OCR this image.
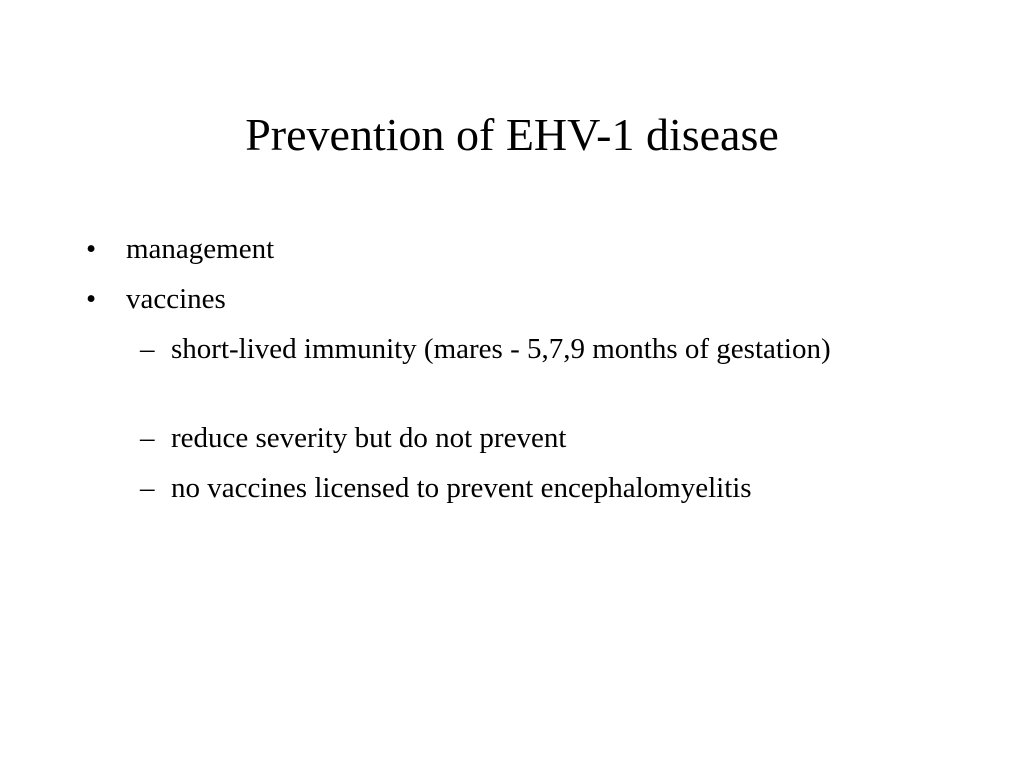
Prevention of EHV-1 disease
•	management
•	vaccines
– short-lived immunity (mares - 5,7,9 months of gestation)
– reduce severity but do not prevent
– no vaccines licensed to prevent encephalomyelitis
